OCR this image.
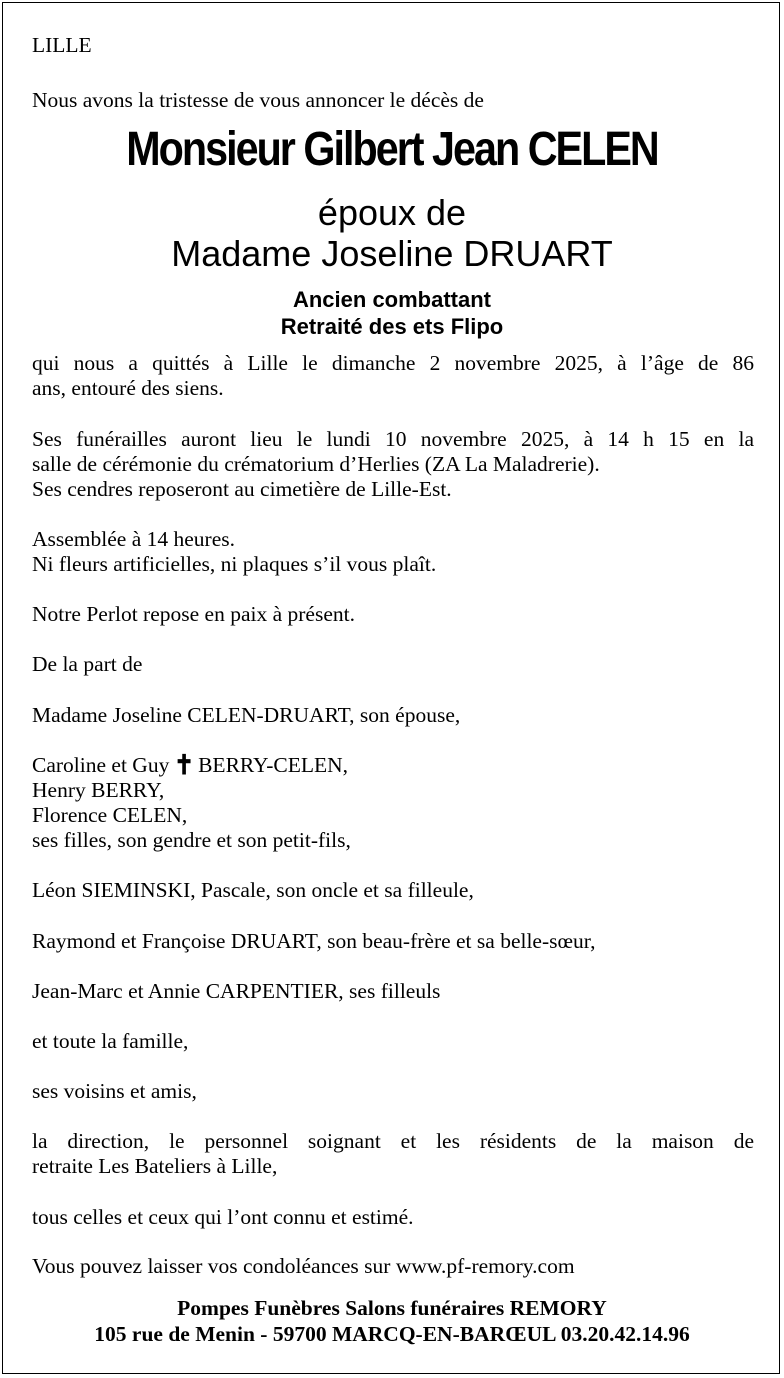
LILLE
Nous avons la tristesse de vous annoncer le décès de
Monsieur Gilbert Jean CELEN
époux de
Madame Joseline DRUART
Ancien combattant
Retraité des ets Flipo
qui nous a quittés à Lille le dimanche 2 novembre 2025, à l’âge de 86
ans, entouré des siens.
Ses funérailles auront lieu le lundi 10 novembre 2025, à 14 h 15 en la
salle de cérémonie du crématorium d’Herlies (ZA La Maladrerie).
Ses cendres reposeront au cimetière de Lille-Est.
Assemblée à 14 heures.
Ni fleurs artificielles, ni plaques s’il vous plaît.
Notre Perlot repose en paix à présent.
De la part de
Madame Joseline CELEN-DRUART, son épouse,
Caroline et Guy ✝ BERRY-CELEN,
Henry BERRY,
Florence CELEN,
ses filles, son gendre et son petit-fils,
Léon SIEMINSKI, Pascale, son oncle et sa filleule,
Raymond et Françoise DRUART, son beau-frère et sa belle-sœur,
Jean-Marc et Annie CARPENTIER, ses filleuls
et toute la famille,
ses voisins et amis,
la direction, le personnel soignant et les résidents de la maison de
retraite Les Bateliers à Lille,
tous celles et ceux qui l’ont connu et estimé.
Vous pouvez laisser vos condoléances sur www.pf-remory.com
Pompes Funèbres Salons funéraires REMORY
105 rue de Menin - 59700 MARCQ-EN-BARŒUL 03.20.42.14.96
